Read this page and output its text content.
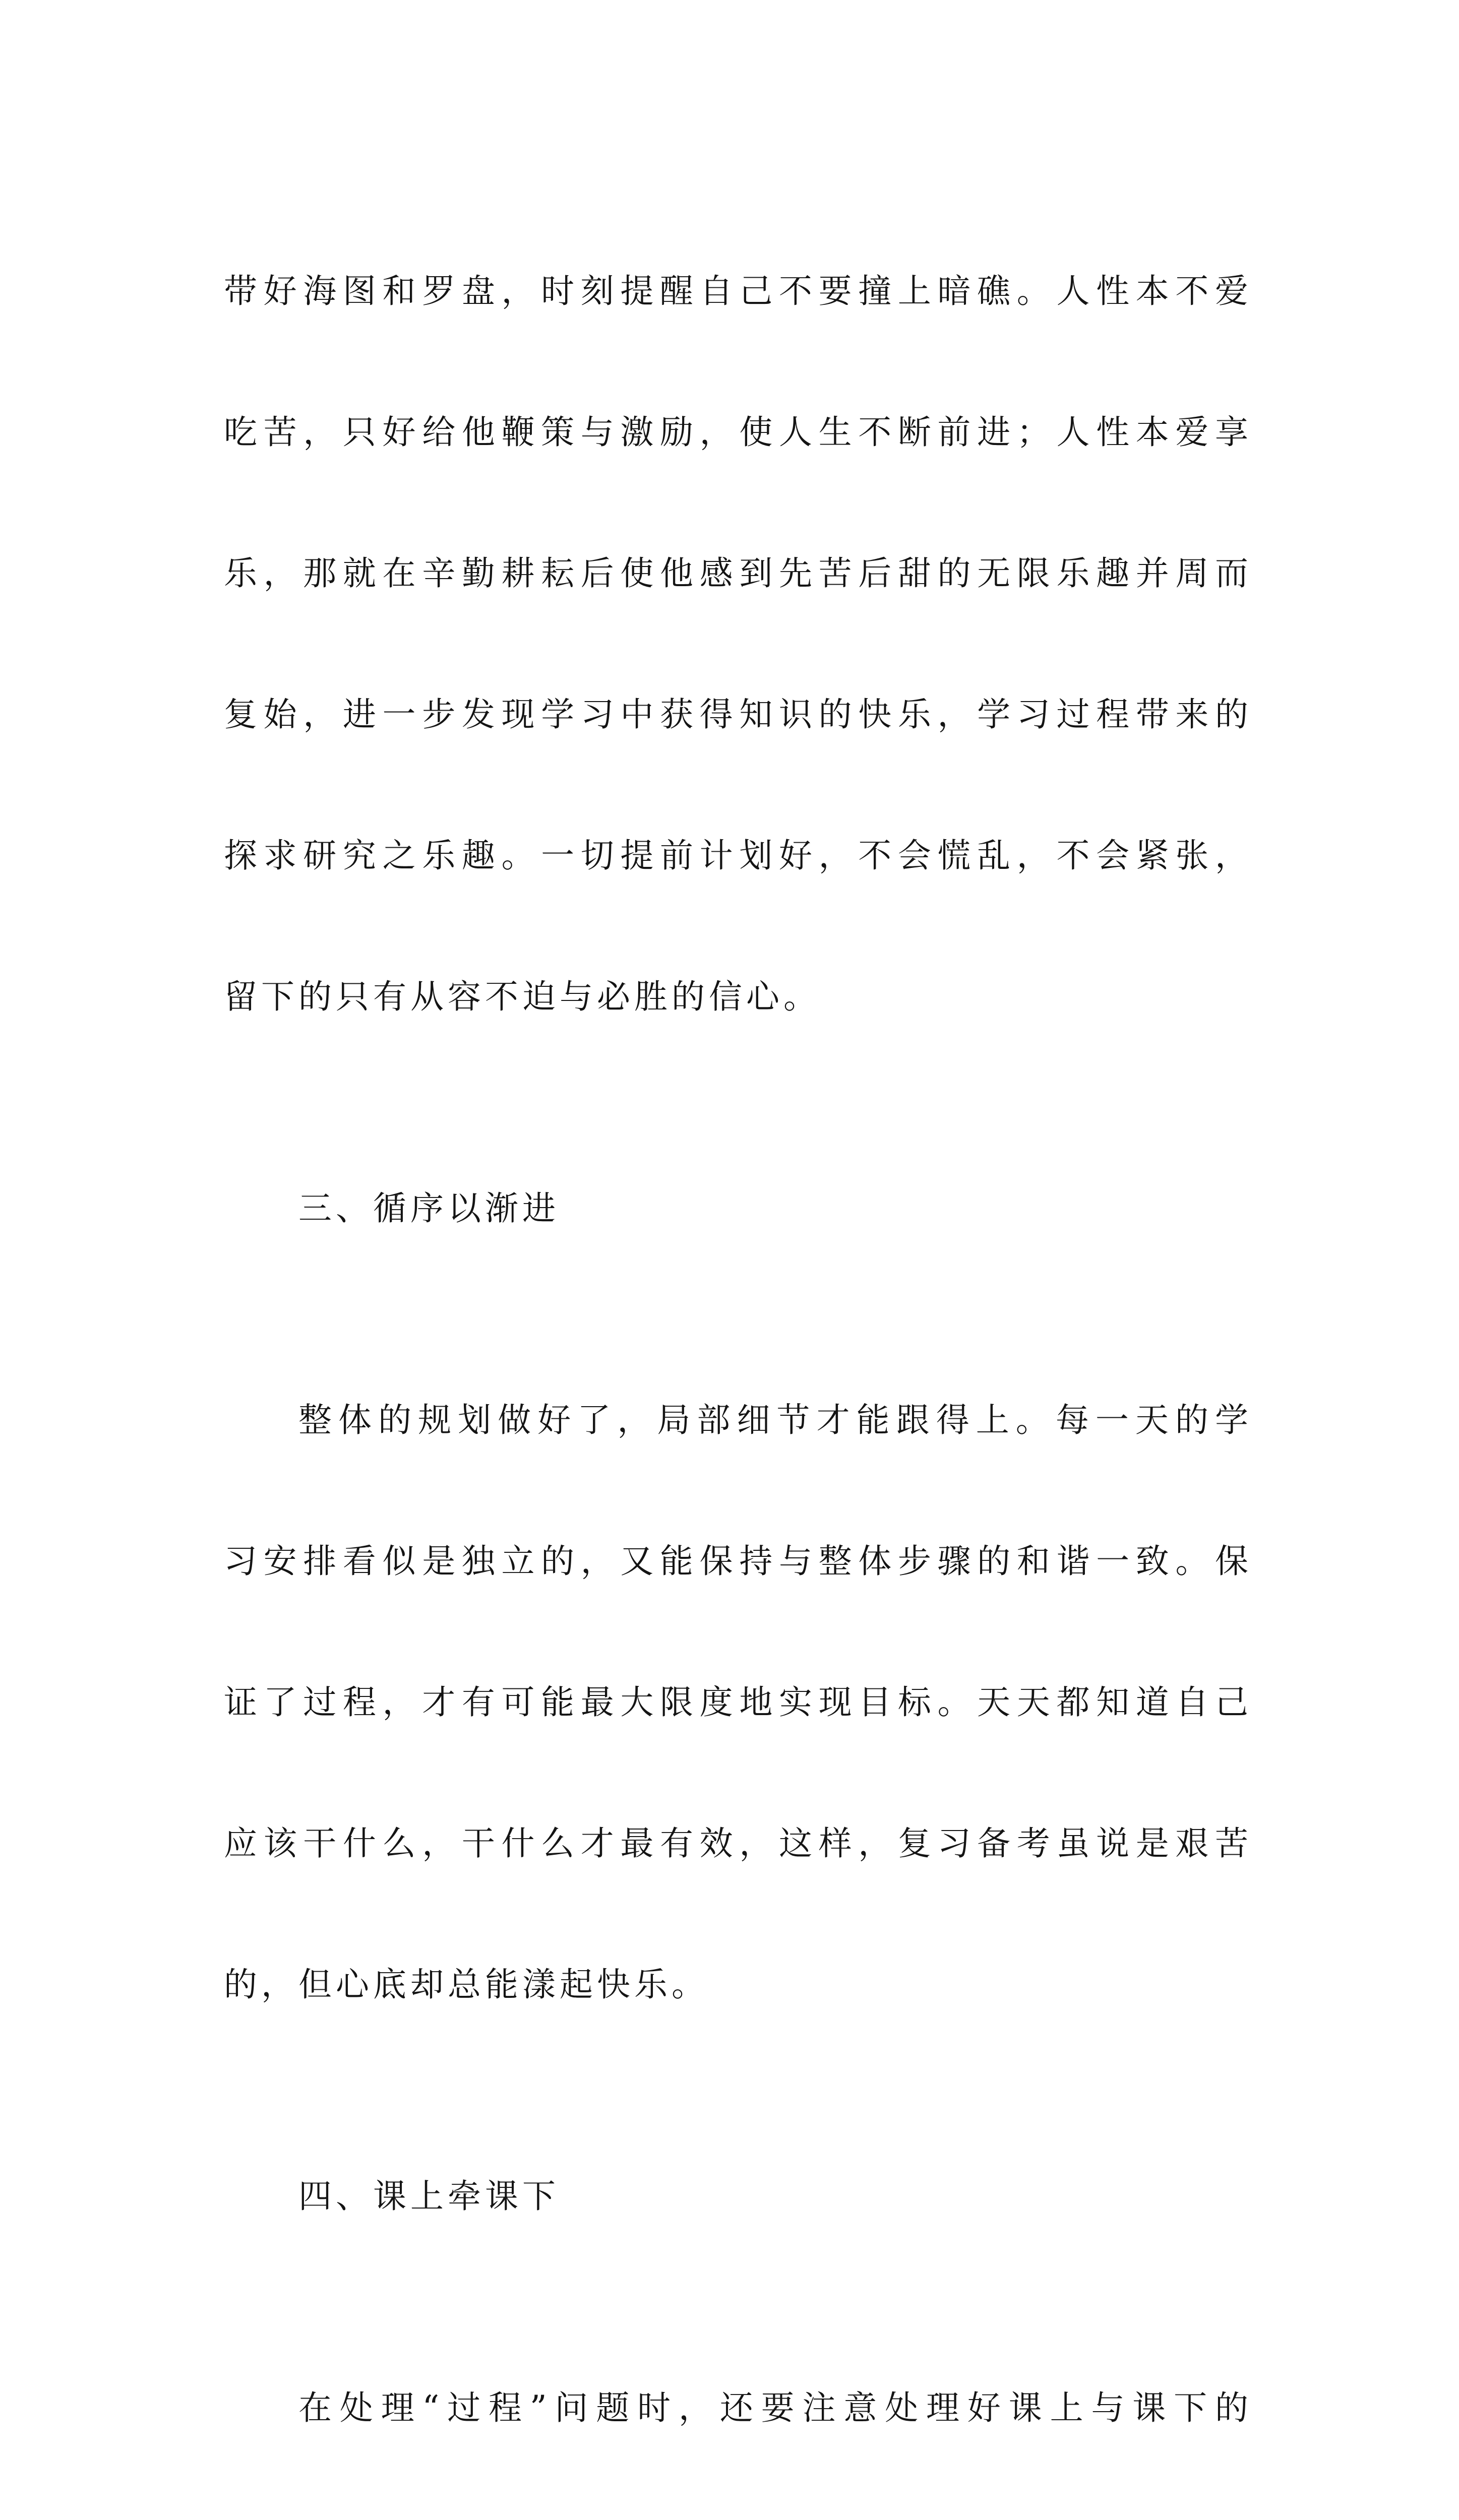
带好海图和罗盘，时刻提醒自己不要撞上暗礁。人性本不爱

吃苦，只好给他鞭策与激励，使人生不断前进；人性本爱享

乐，那就在辛勤耕耘后使他感到先苦后甜的无限乐趣并周而

复始，进一步发现学习中获得知识的快乐，学习过程带来的

探求研究之乐趣。一切提前计划好，不会慌乱，不会紧张，

留下的只有从容不迫与必胜的信心。

三、循序以渐进

整体的规划做好了，局部细节才能跟得上。每一天的学

习安排看似是独立的，又能保持与整体步骤的和谐一致。保

证了过程，才有可能最大限度地实现目标。天天都知道自己

应该干什么，干什么才最有效，这样，复习备考虽说是艰苦

的，但心底却总能漾起快乐。

四、课上牵课下

在处理“过程”问题时，还要注意处理好课上与课下的
